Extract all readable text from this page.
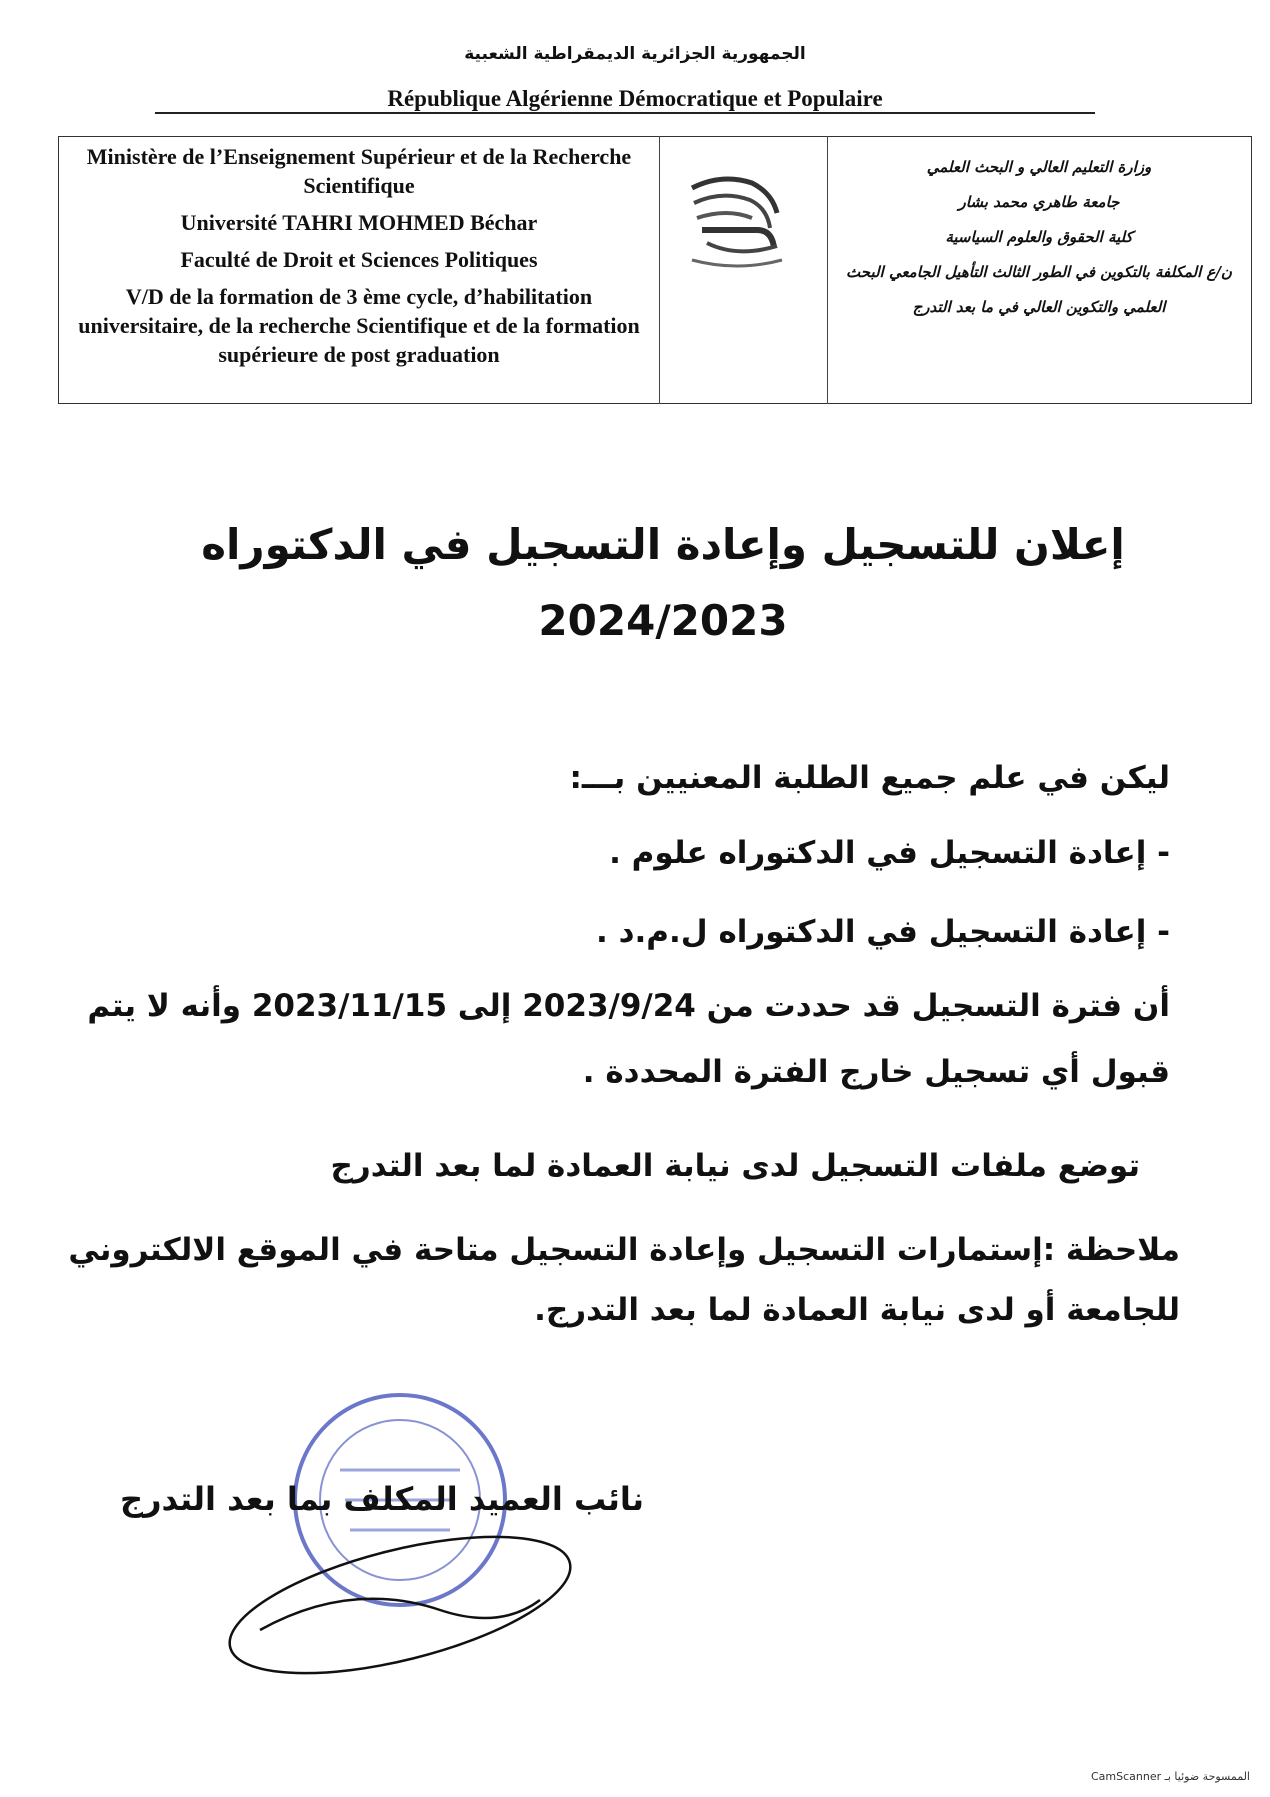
الجمهورية الجزائرية الديمقراطية الشعبية
République Algérienne Démocratique et Populaire
Ministère de l’Enseignement Supérieur et de la Recherche Scientifique
Université TAHRI MOHMED Béchar
Faculté de Droit et Sciences Politiques
V/D de la formation de 3 ème cycle, d’habilitation universitaire, de la recherche Scientifique et de la formation supérieure de post graduation
وزارة التعليم العالي و البحث العلمي
جامعة طاهري محمد بشار
كلية الحقوق والعلوم السياسية
ن/ع المكلفة بالتكوين في الطور الثالث التأهيل الجامعي البحث العلمي والتكوين العالي في ما بعد التدرج
إعلان للتسجيل وإعادة التسجيل في الدكتوراه
2024/2023
ليكن في علم جميع الطلبة المعنيين بـــ:
- إعادة التسجيل في الدكتوراه علوم .
- إعادة التسجيل في الدكتوراه ل.م.د .
أن فترة التسجيل قد حددت من 2023/9/24 إلى 2023/11/15 وأنه لا يتم
قبول أي تسجيل خارج الفترة المحددة .
توضع ملفات التسجيل لدى نيابة العمادة لما بعد التدرج
ملاحظة :إستمارات التسجيل وإعادة التسجيل متاحة في الموقع الالكتروني
للجامعة أو لدى نيابة العمادة لما بعد التدرج.
نائب العميد المكلف بما بعد التدرج
الممسوحة ضوئيا بـ CamScanner
